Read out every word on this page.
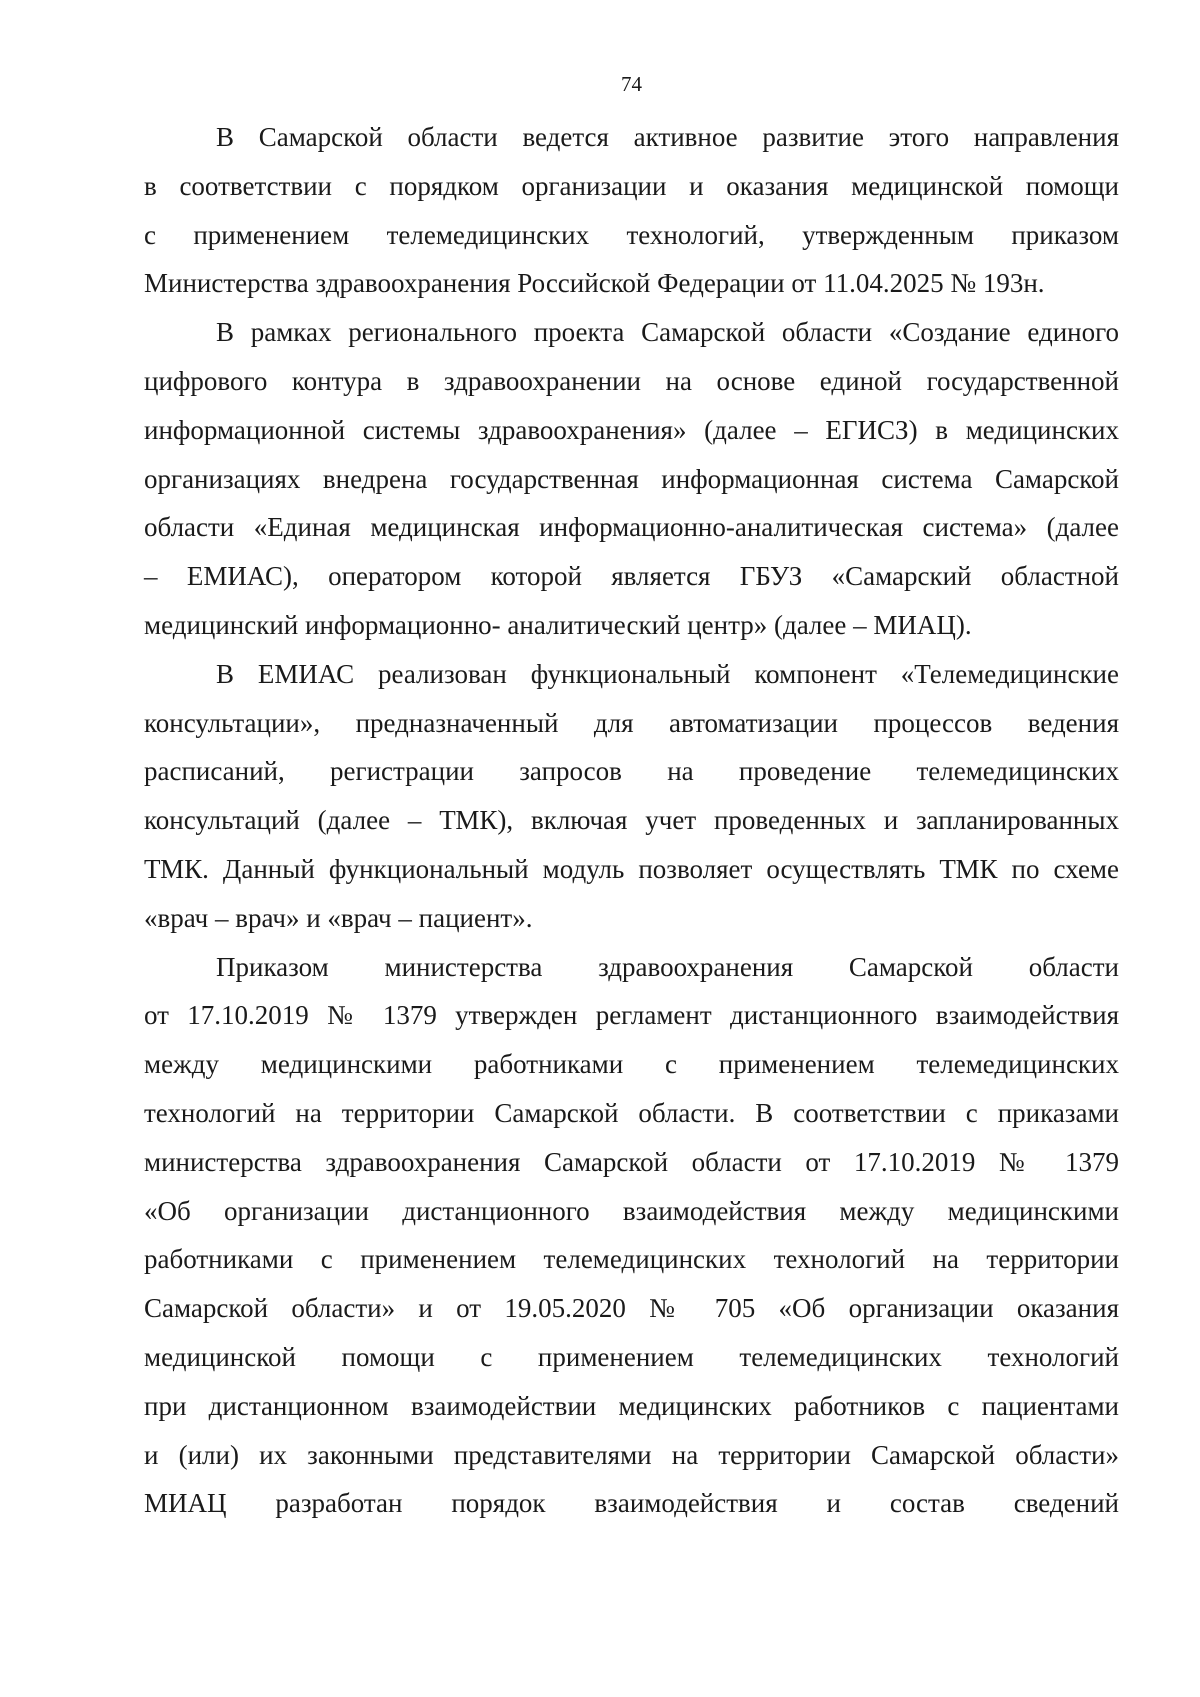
74

В Самарской области ведется активное развитие этого направления
в соответствии с порядком организации и оказания медицинской помощи
с применением телемедицинских технологий, утвержденным приказом
Министерства здравоохранения Российской Федерации от 11.04.2025 № 193н.

В рамках регионального проекта Самарской области «Создание единого
цифрового контура в здравоохранении на основе единой государственной
информационной системы здравоохранения» (далее – ЕГИСЗ) в медицинских
организациях внедрена государственная информационная система Самарской
области «Единая медицинская информационно-аналитическая система» (далее
– ЕМИАС), оператором которой является ГБУЗ «Самарский областной
медицинский информационно- аналитический центр» (далее – МИАЦ).

В ЕМИАС реализован функциональный компонент «Телемедицинские
консультации», предназначенный для автоматизации процессов ведения
расписаний, регистрации запросов на проведение телемедицинских
консультаций (далее – ТМК), включая учет проведенных и запланированных
ТМК. Данный функциональный модуль позволяет осуществлять ТМК по схеме
«врач – врач» и «врач – пациент».

Приказом министерства здравоохранения Самарской области
от 17.10.2019 № 1379 утвержден регламент дистанционного взаимодействия
между медицинскими работниками с применением телемедицинских
технологий на территории Самарской области. В соответствии с приказами
министерства здравоохранения Самарской области от 17.10.2019 № 1379
«Об организации дистанционного взаимодействия между медицинскими
работниками с применением телемедицинских технологий на территории
Самарской области» и от 19.05.2020 № 705 «Об организации оказания
медицинской помощи с применением телемедицинских технологий
при дистанционном взаимодействии медицинских работников с пациентами
и (или) их законными представителями на территории Самарской области»
МИАЦ разработан порядок взаимодействия и состав сведений
